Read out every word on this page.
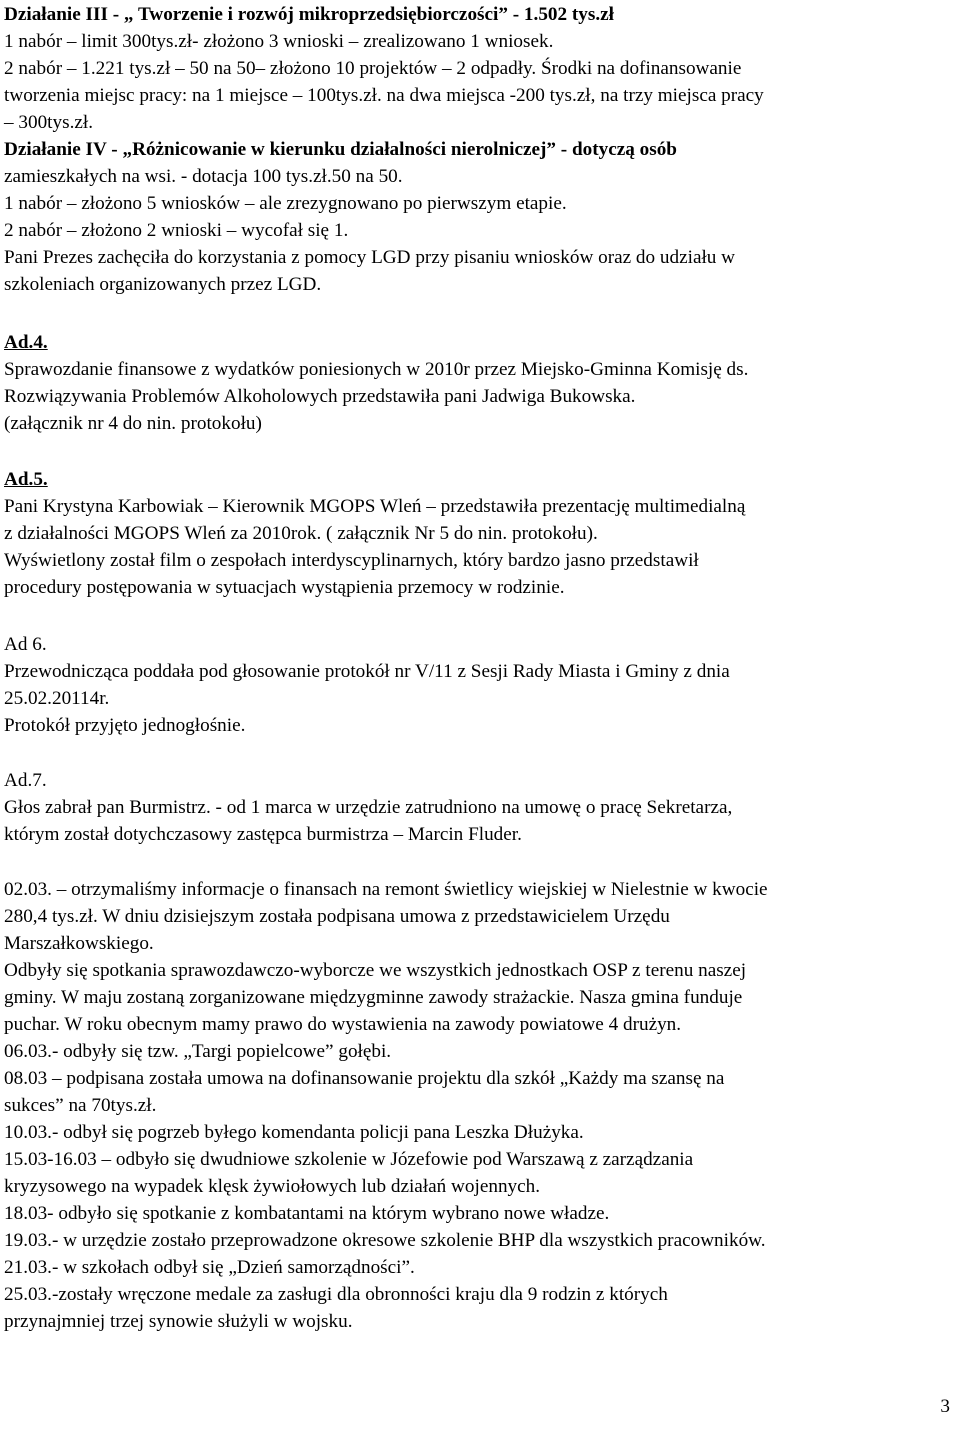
Działanie III - „ Tworzenie i rozwój mikroprzedsiębiorczości” - 1.502 tys.zł
1 nabór – limit 300tys.zł- złożono 3 wnioski – zrealizowano 1 wniosek.
2 nabór – 1.221 tys.zł – 50 na 50– złożono 10 projektów – 2 odpadły. Środki na dofinansowanie
tworzenia miejsc pracy: na 1 miejsce – 100tys.zł. na dwa miejsca -200 tys.zł, na trzy miejsca pracy
– 300tys.zł.
Działanie IV - „Różnicowanie w kierunku działalności nierolniczej” - dotyczą osób
zamieszkałych na wsi. - dotacja 100 tys.zł.50 na 50.
1 nabór – złożono 5 wniosków – ale zrezygnowano po pierwszym etapie.
2 nabór – złożono 2 wnioski – wycofał się 1.
Pani Prezes zachęciła do korzystania z pomocy LGD przy pisaniu wniosków oraz do udziału w
szkoleniach organizowanych przez LGD.
Ad.4.
Sprawozdanie finansowe z wydatków poniesionych w 2010r przez Miejsko-Gminna Komisję ds.
Rozwiązywania Problemów Alkoholowych przedstawiła pani Jadwiga Bukowska.
(załącznik nr 4 do nin. protokołu)
Ad.5.
Pani Krystyna Karbowiak – Kierownik MGOPS Wleń – przedstawiła prezentację multimedialną
z działalności MGOPS Wleń za 2010rok. ( załącznik Nr 5 do nin. protokołu).
Wyświetlony został film o zespołach interdyscyplinarnych, który bardzo jasno przedstawił
procedury postępowania w sytuacjach wystąpienia przemocy w rodzinie.
Ad 6.
Przewodnicząca poddała pod głosowanie protokół nr V/11 z Sesji Rady Miasta i Gminy z dnia
25.02.20114r.
Protokół przyjęto jednogłośnie.
Ad.7.
Głos zabrał pan Burmistrz. - od 1 marca w urzędzie zatrudniono na umowę o pracę Sekretarza,
którym został dotychczasowy zastępca burmistrza – Marcin Fluder.
02.03. – otrzymaliśmy informacje o finansach na remont świetlicy wiejskiej w Nielestnie w kwocie
280,4 tys.zł. W dniu dzisiejszym została podpisana umowa z przedstawicielem Urzędu
Marszałkowskiego.
Odbyły się spotkania sprawozdawczo-wyborcze we wszystkich jednostkach OSP z terenu naszej
gminy. W maju zostaną zorganizowane międzygminne zawody strażackie. Nasza gmina funduje
puchar. W roku obecnym mamy prawo do wystawienia na zawody powiatowe 4 drużyn.
06.03.- odbyły się tzw. „Targi popielcowe” gołębi.
08.03 – podpisana została umowa na dofinansowanie projektu dla szkół „Każdy ma szansę na
sukces” na 70tys.zł.
10.03.- odbył się pogrzeb byłego komendanta policji pana Leszka Dłużyka.
15.03-16.03 – odbyło się dwudniowe szkolenie w Józefowie pod Warszawą z zarządzania
kryzysowego na wypadek klęsk żywiołowych lub działań wojennych.
18.03- odbyło się spotkanie z kombatantami na którym wybrano nowe władze.
19.03.- w urzędzie zostało przeprowadzone okresowe szkolenie BHP dla wszystkich pracowników.
21.03.- w szkołach odbył się „Dzień samorządności”.
25.03.-zostały wręczone medale za zasługi dla obronności kraju dla 9 rodzin z których
przynajmniej trzej synowie służyli w wojsku.
3
